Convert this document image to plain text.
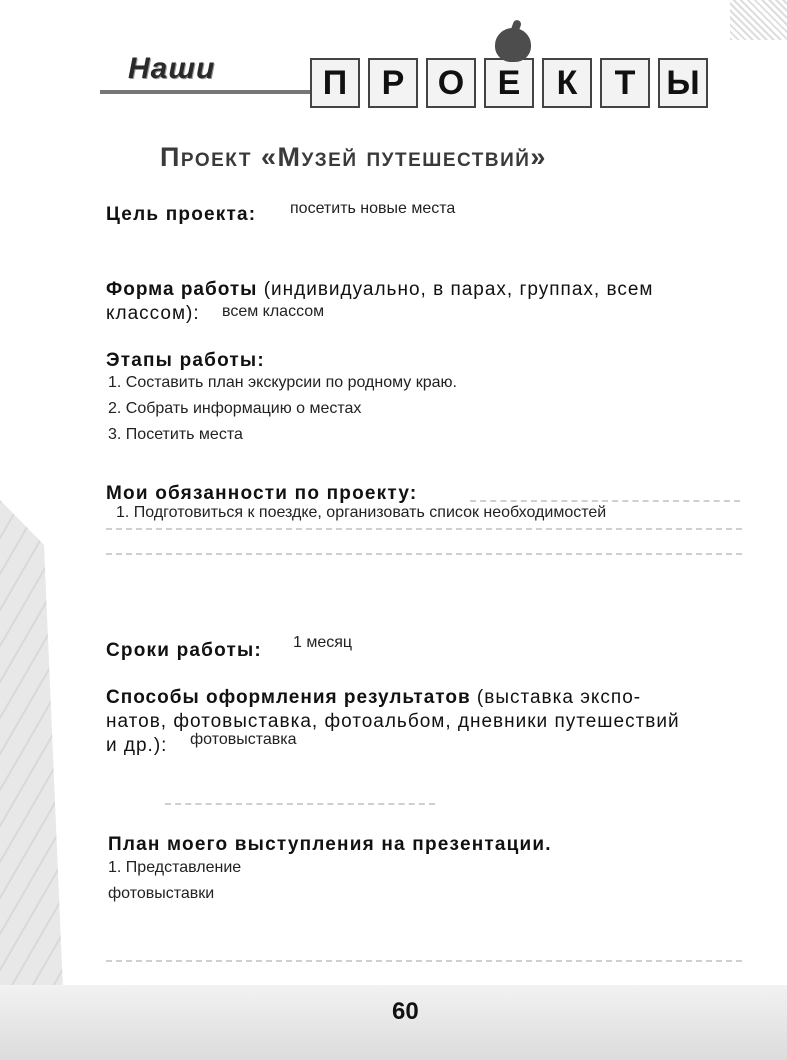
Наши	П	Р О Е	К	Т Ы
Проект «Музей путешествий»
Цель проекта: посетить новые места
Форма работы (индивидуально, в парах, группах, всем
классом): всем классом
Этапы работы:
1. Составить план экскурсии по родному краю.
2. Собрать информацию о местах
3. Посетить места
Мои обязанности по проекту:
1. Подготовиться к поездке, организовать список необходимостей
Сроки работы: 1 месяц
Способы оформления результатов (выставка экспо-
натов, фотовыставка, фотоальбом, дневники путешествий
и др.): фотовыставка
План моего выступления на презентации.
1. Представление
фотовыставки
60
